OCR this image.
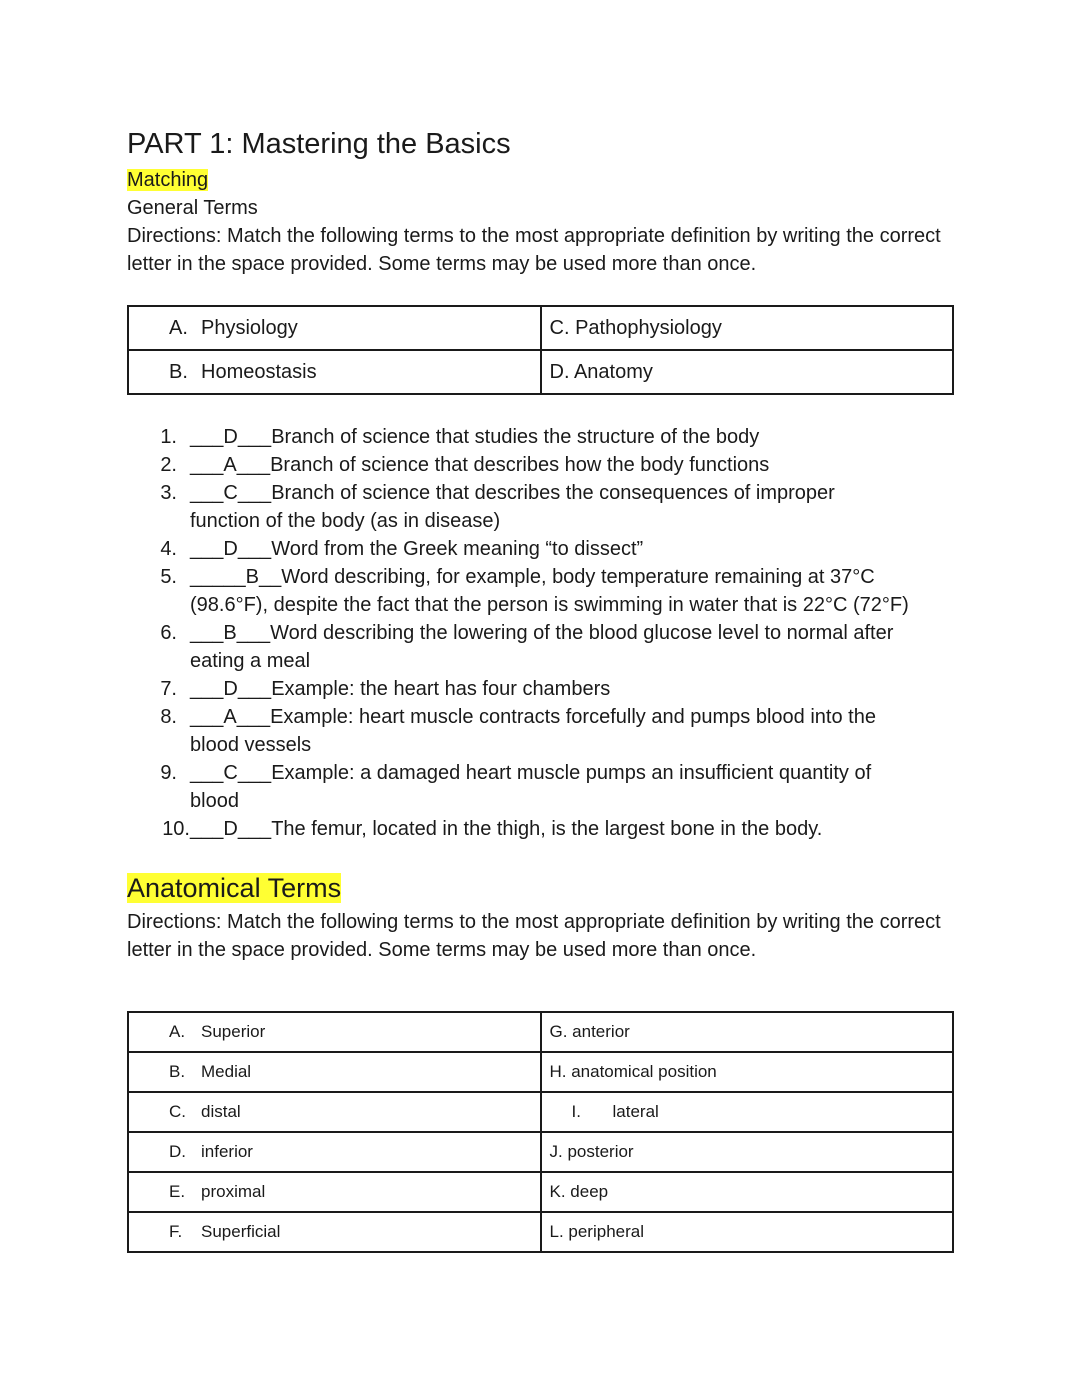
PART 1: Mastering the Basics
Matching
General Terms
Directions: Match the following terms to the most appropriate definition by writing the correct letter in the space provided. Some terms may be used more than once.
A. Physiology	C. Pathophysiology
B. Homeostasis	D. Anatomy
1. ___D___Branch of science that studies the structure of the body
2. ___A___Branch of science that describes how the body functions
3. ___C___Branch of science that describes the consequences of improper
function of the body (as in disease)
4. ___D___Word from the Greek meaning “to dissect”
5. _____B__Word describing, for example, body temperature remaining at 37°C
(98.6°F), despite the fact that the person is swimming in water that is 22°C (72°F)
6. ___B___Word describing the lowering of the blood glucose level to normal after
eating a meal
7. ___D___Example: the heart has four chambers
8. ___A___Example: heart muscle contracts forcefully and pumps blood into the
blood vessels
9. ___C___Example: a damaged heart muscle pumps an insufficient quantity of
blood
10. ___D___The femur, located in the thigh, is the largest bone in the body.
Anatomical Terms
Directions: Match the following terms to the most appropriate definition by writing the correct letter in the space provided. Some terms may be used more than once.
A. Superior	G. anterior
B. Medial	H. anatomical position
C. distal	I. lateral
D. inferior	J. posterior
E. proximal	K. deep
F. Superficial	L. peripheral
